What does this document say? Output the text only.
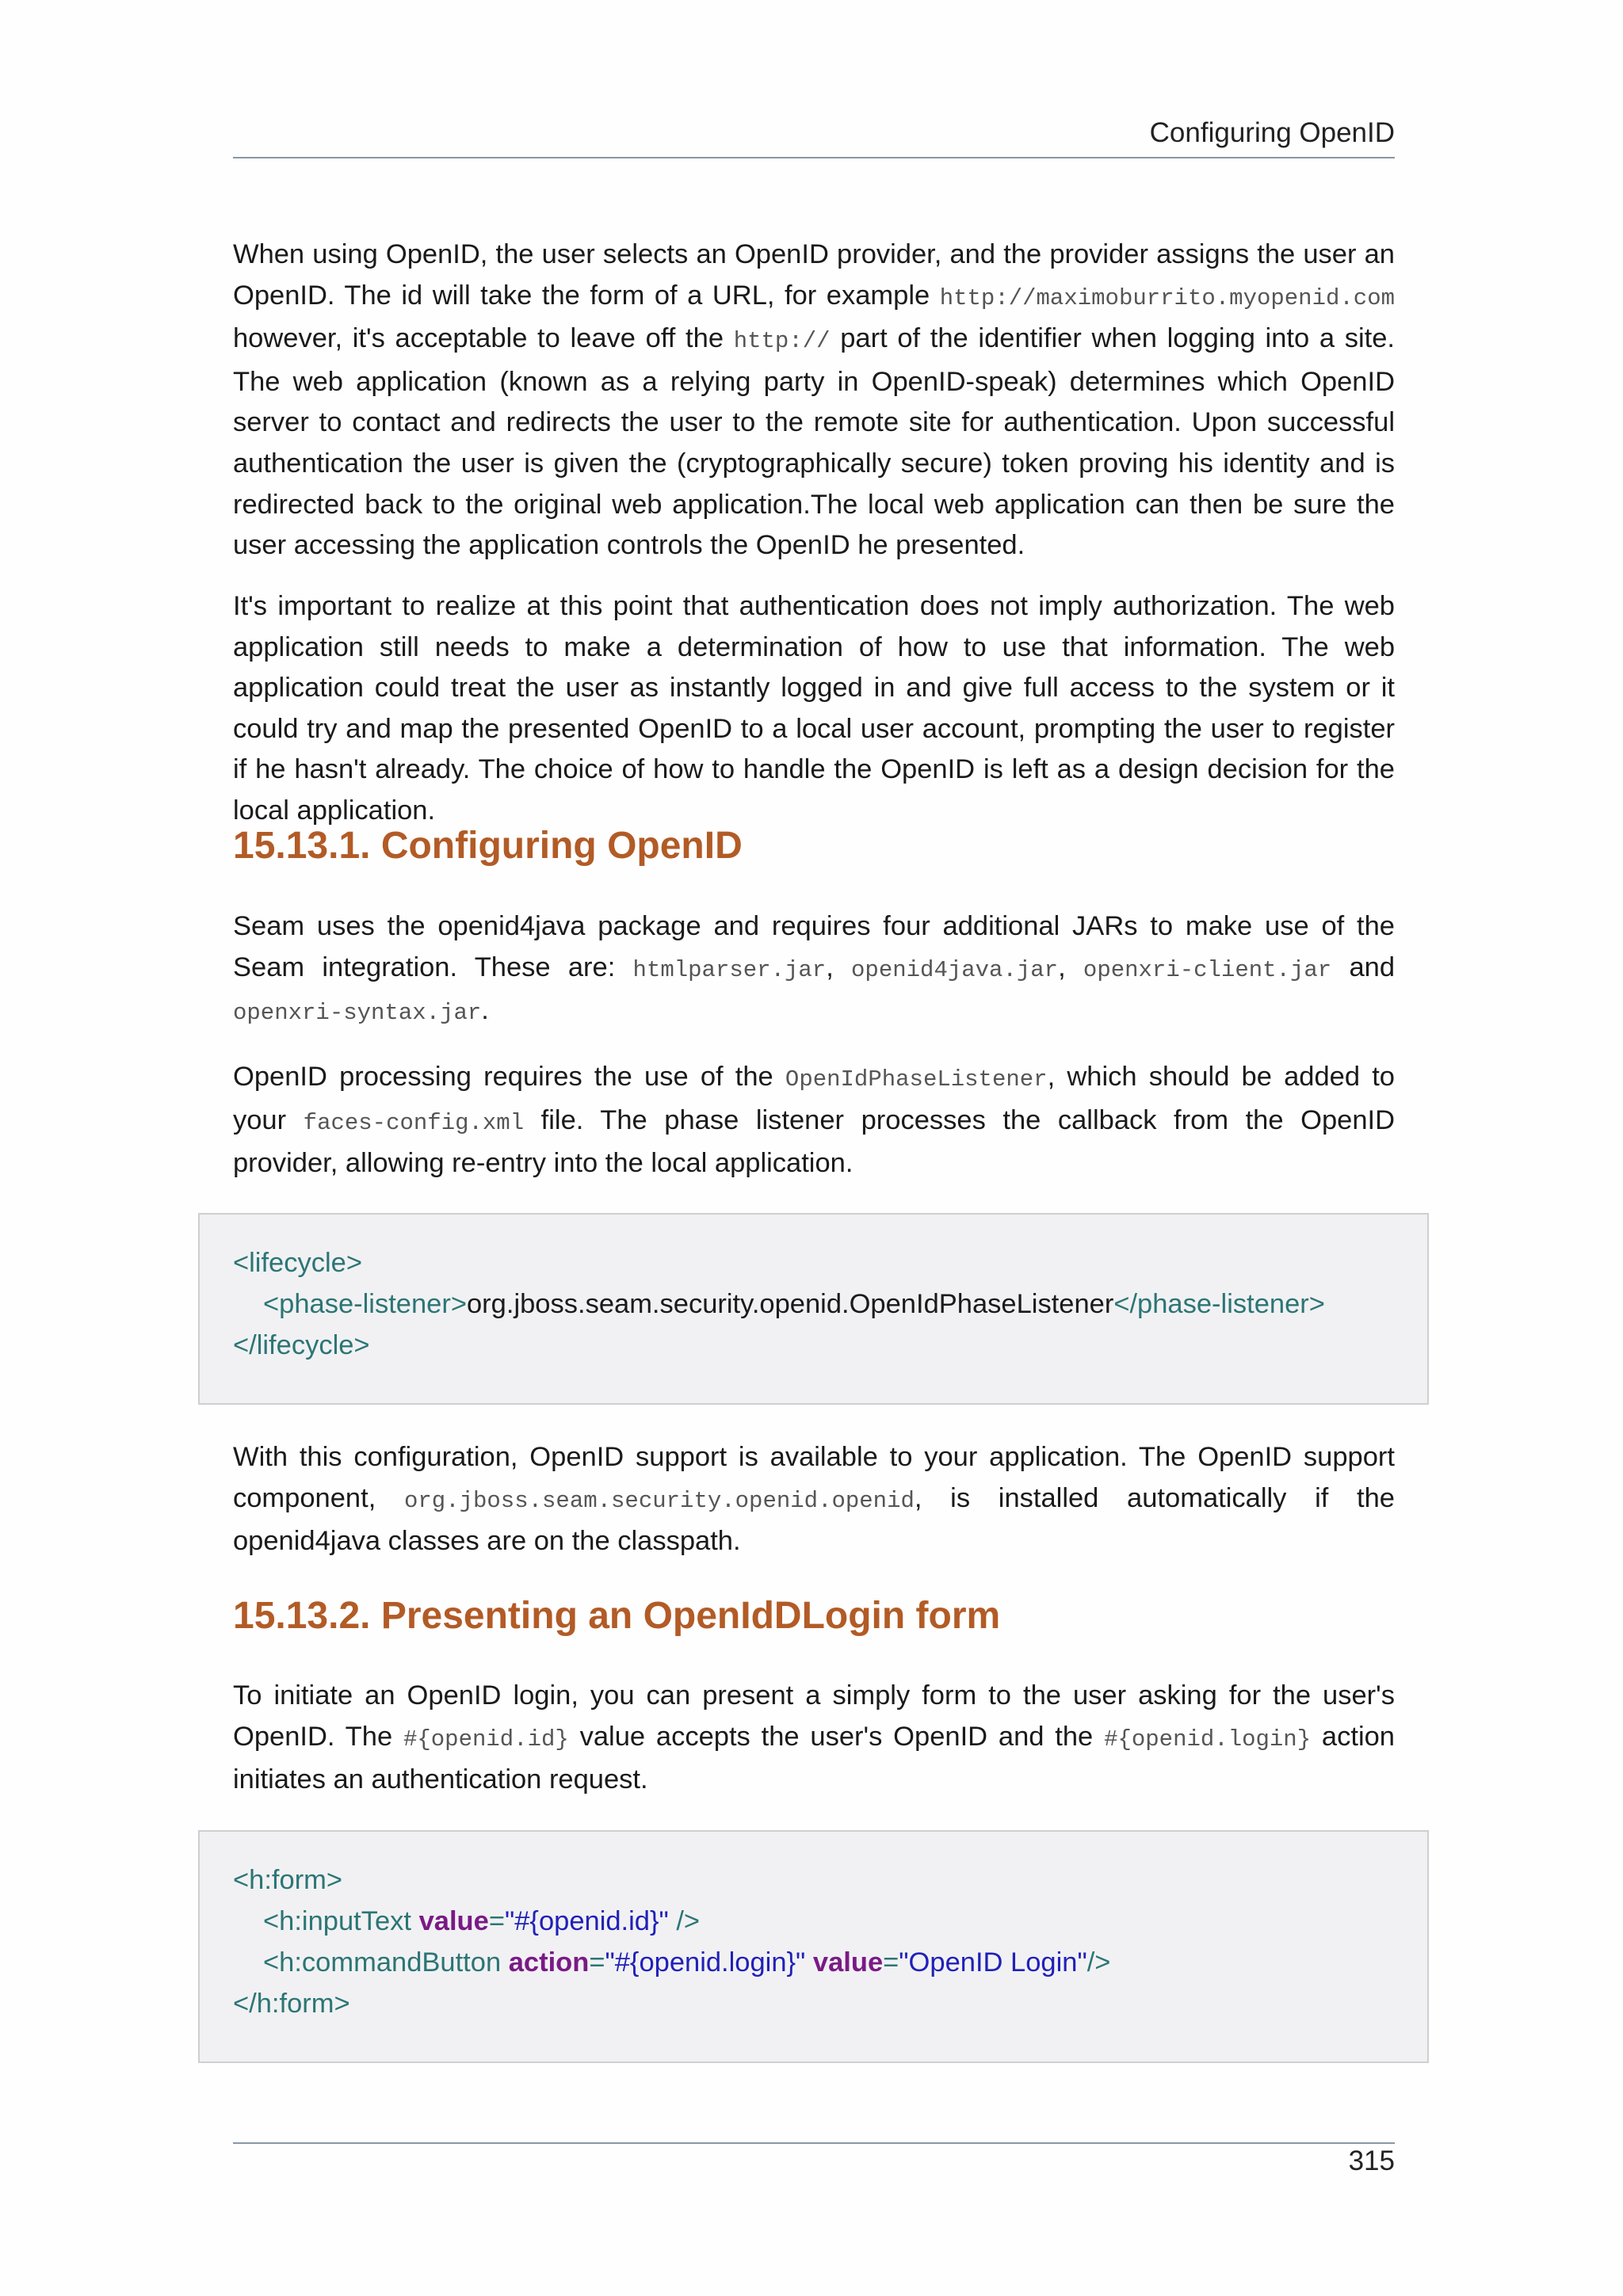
Configuring OpenID

When using OpenID, the user selects an OpenID provider, and the provider assigns the user an OpenID. The id will take the form of a URL, for example http://maximoburrito.myopenid.com however, it's acceptable to leave off the http:// part of the identifier when logging into a site. The web application (known as a relying party in OpenID-speak) determines which OpenID server to contact and redirects the user to the remote site for authentication. Upon successful authentication the user is given the (cryptographically secure) token proving his identity and is redirected back to the original web application.The local web application can then be sure the user accessing the application controls the OpenID he presented.

It's important to realize at this point that authentication does not imply authorization. The web application still needs to make a determination of how to use that information. The web application could treat the user as instantly logged in and give full access to the system or it could try and map the presented OpenID to a local user account, prompting the user to register if he hasn't already. The choice of how to handle the OpenID is left as a design decision for the local application.

15.13.1. Configuring OpenID

Seam uses the openid4java package and requires four additional JARs to make use of the Seam integration. These are: htmlparser.jar, openid4java.jar, openxri-client.jar and openxri-syntax.jar.

OpenID processing requires the use of the OpenIdPhaseListener, which should be added to your faces-config.xml file. The phase listener processes the callback from the OpenID provider, allowing re-entry into the local application.

<lifecycle>
<phase-listener>org.jboss.seam.security.openid.OpenIdPhaseListener</phase-listener>
</lifecycle>

With this configuration, OpenID support is available to your application. The OpenID support component, org.jboss.seam.security.openid.openid, is installed automatically if the openid4java classes are on the classpath.

15.13.2. Presenting an OpenIdDLogin form

To initiate an OpenID login, you can present a simply form to the user asking for the user's OpenID. The #{openid.id} value accepts the user's OpenID and the #{openid.login} action initiates an authentication request.

<h:form>
<h:inputText value="#{openid.id}" />
<h:commandButton action="#{openid.login}" value="OpenID Login"/>
</h:form>
315
